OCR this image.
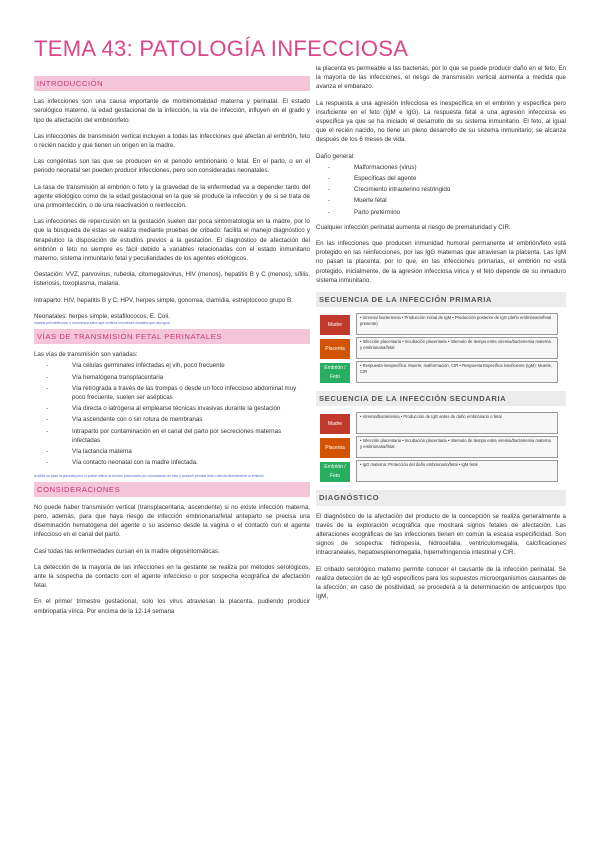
TEMA 43: PATOLOGÍA INFECCIOSA
INTRODUCCIÓN

Las infecciones son una causa importante de morbimortalidad materna y perinatal. El estado serológico materno, la edad gestacional de la infección, la vía de infección, influyen en el grado y tipo de afectación del embrión/feto.

Las infecciones de transmisión vertical incluyen a todas las infecciones que afectan al embrión, feto o recién nacido y que tienen un origen en la madre.

Las congénitas son las que se producen en el periodo embrionario o fetal. En el parto, o en el periodo neonatal ser pueden producir infecciones, pero son consideradas neonatales.

La tasa de transmisión al embrión o feto y la gravedad de la enfermedad va a depender tanto del agente etiológico como de la edad gestacional en la que se produce la infección y de si se trata de una primoinfección, o de una reactivación o reinfección.

Las infecciones de repercusión en la gestación suelen dar poca sintomatología en la madre, por lo que la búsqueda de estas se realiza mediante pruebas de cribado: facilita el manejo diagnóstico y terapéutico la disposición de estudios previos a la gestación. El diagnóstico de afectación del embrión o feto no siempre es fácil debido a variables relacionadas con el estado inmunitario materno, sistema inmunitario fetal y peculiaridades de los agentes etiológicos.

Gestación: VVZ, parvovirus, rubeola, citomegalovirus, HIV (menos), hepatitis B y C (menos), sífilis, listeriosis, toxoplasma, malaria.

Intraparto: HIV, hepatitis B y C, HPV, herpes simple, gonorrea, clamidia, estreptococo grupo B.

Neonatales: herpes simple, estafilococos, E. Coli.

importa primoinfección o recurrencia salvo que confiera inmunidad duradera que dan igual
VÍAS DE TRANSMISIÓN FETAL PERINATALES

Las vías de transmisión son variadas:

- Vía células germinales infectadas ej vih, poco frecuente
- Vía hematógena transplacentaria
- Vía retrógrada a través de las trompas o desde un foco infeccioso abdominal muy poco frecuente, suelen ser asépticas
- Vía directa o iatrógena al emplearse técnicas invasivas durante la gestación
- Vía ascendente con o sin rotura de membranas
- Intraparto por contaminación en el canal del parto por secreciones maternas infectadas
- Vía lactancia materna
- Vía contacto neonatal con la madre infectada.
la sífilis no pasa la placenta pero sí puede alterar la función placentaria por colonización de esta y producir pérdida fetal o afecta directamente al embrión
CONSIDERACIONES

No puede haber transmisión vertical (transplacentaria, ascendente) si no existe infección materna, pero, además, para que haya riesgo de infección embrionaria/fetal anteparto se precisa una diseminación hematógena del agente o su ascenso desde la vagina o el contacto con el agente infeccioso en el canal del parto.

Casi todas las enfermedades cursan en la madre oligosintomáticas.

La detección de la mayoría de las infecciones en la gestante se realiza por métodos serológicos, ante la sospecha de contacto con el agente infeccioso o por sospecha ecográfica de afectación fetal.

En el primer trimestre gestacional, solo los virus atraviesan la placenta, pudiendo producir embriopatía vírica. Por encima de la 12-14 semana

la placenta es permeable a las bacterias, por lo que se puede producir daño en el feto. En la mayoría de las infecciones, el riesgo de transmisión vertical aumenta a medida que avanza el embarazo.

La respuesta a una agresión infecciosa es inespecífica en el embrión y específica pero insuficiente en el feto (IgM e IgG). La respuesta fetal a una agresión infecciosa es específica ya que se ha iniciado el desarrollo de su sistema inmunitario. El feto, al igual que el recién nacido, no tiene un pleno desarrollo de su sistema inmunitario; se alcanza después de los 6 meses de vida.

Daño general:

- Malformaciones (virus)
- Específicas del agente
- Crecimiento intrauterino restringido
- Muerte fetal
- Parto pretérmino

Cualquier infección perinatal aumenta el riesgo de prematuridad y CIR.

En las infecciones que producen inmunidad humoral permanente el embrión/feto está protegido en las reinfecciones, por las IgG maternas que atraviesan la placenta. Las IgM no pasan la placenta, por lo que, en las infecciones primarias, el embrión no está protegido, inicialmente, de la agresión infecciosa vírica y el feto depende de su inmaduro sistema inmunitario.

SECUENCIA DE LA INFECCIÓN PRIMARIA
Madre
• Viremia/ bacteriemia • Producción inicial de IgM • Producción posterior de IgG (daño embrionario/fetal presente)
Placenta
• Infección placentaria • Incubación placentaria • Intervalo de tiempo entre viremia/bacteriemia materna y embrionaria/fetal
Embrión / Feto
• Respuesta inespecífica: Muerte, malformación, CIR • Respuesta Específica insuficiente (IgM): Muerte, CIR
SECUENCIA DE LA INFECCIÓN SECUNDARIA
Madre
• Viremia/bacteriemia • Producción de IgG antes de daño embrionario o fetal
Placenta
• Infección placentaria • Incubación placentaria • Intervalo de tiempo entre viremia/bacteriemia materna y embrionaria/fetal
Embrión / Feto
• IgG materna: Protección del daño embrionario/fetal • IgM fetal
DIAGNÓSTICO

El diagnóstico de la afectación del producto de la concepción se realiza generalmente a través de la exploración ecográfica que mostrará signos fetales de afectación. Las alteraciones ecográficas de las infecciones tienen en común la escasa especificidad. Son signos de sospecha: hidropesía, hidrocefalia, ventriculomegalia, calcificaciones intracraneales, hepatoesplenomegalia, hiperrefringencia intestinal y CIR.

El cribado serológico materno permite conocer el causante de la infección perinatal. Se realiza detección de ac IgG específicos para los supuestos microorganismos causantes de la afección; en caso de positividad, se procederá a la determinación de anticuerpos tipo IgM,
